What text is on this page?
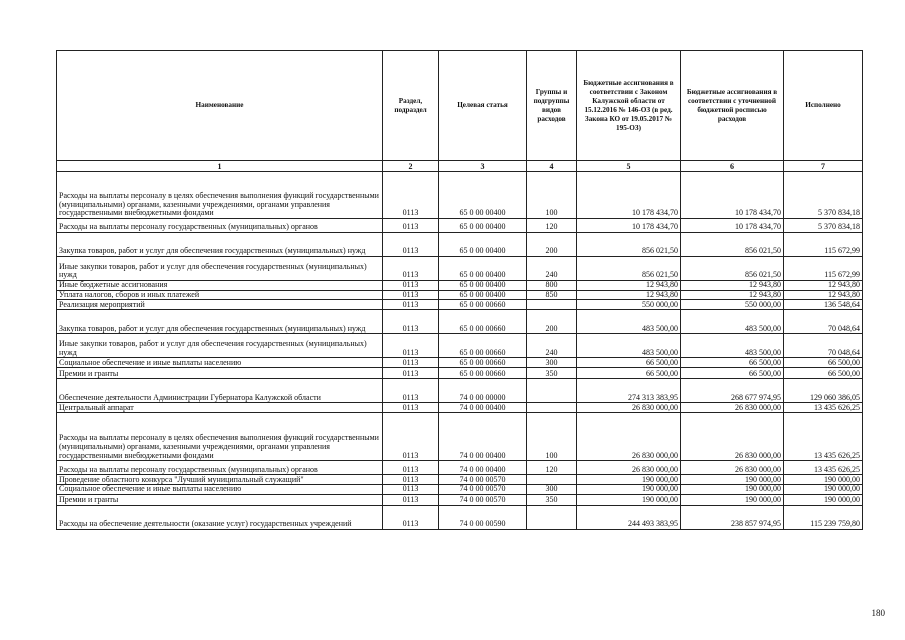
Наименование	Раздел, подраздел	Целевая статья	Группы и подгруппы видов расходов	Бюджетные ассигнования в соответствии с Законом Калужской области от 15.12.2016 № 146-ОЗ (в ред. Закона КО от 19.05.2017 № 195-ОЗ)	Бюджетные ассигнования в соответствии с уточненной бюджетной росписью расходов	Исполнено
1	2	3	4	5	6	7
Расходы на выплаты персоналу в целях обеспечения выполнения функций государственными (муниципальными) органами, казенными учреждениями, органами управления государственными внебюджетными фондами	0113	65 0 00 00400	100	10 178 434,70	10 178 434,70	5 370 834,18
Расходы на выплаты персоналу государственных (муниципальных) органов	0113	65 0 00 00400	120	10 178 434,70	10 178 434,70	5 370 834,18
Закупка товаров, работ и услуг для обеспечения государственных (муниципальных) нужд	0113	65 0 00 00400	200	856 021,50	856 021,50	115 672,99
Иные закупки товаров, работ и услуг для обеспечения государственных (муниципальных) нужд	0113	65 0 00 00400	240	856 021,50	856 021,50	115 672,99
Иные бюджетные ассигнования	0113	65 0 00 00400	800	12 943,80	12 943,80	12 943,80
Уплата налогов, сборов и иных платежей	0113	65 0 00 00400	850	12 943,80	12 943,80	12 943,80
Реализация мероприятий	0113	65 0 00 00660		550 000,00	550 000,00	136 548,64
Закупка товаров, работ и услуг для обеспечения государственных (муниципальных) нужд	0113	65 0 00 00660	200	483 500,00	483 500,00	70 048,64
Иные закупки товаров, работ и услуг для обеспечения государственных (муниципальных) нужд	0113	65 0 00 00660	240	483 500,00	483 500,00	70 048,64
Социальное обеспечение и иные выплаты населению	0113	65 0 00 00660	300	66 500,00	66 500,00	66 500,00
Премии и гранты	0113	65 0 00 00660	350	66 500,00	66 500,00	66 500,00
Обеспечение деятельности Администрации Губернатора Калужской области	0113	74 0 00 00000		274 313 383,95	268 677 974,95	129 060 386,05
Центральный аппарат	0113	74 0 00 00400		26 830 000,00	26 830 000,00	13 435 626,25
Расходы на выплаты персоналу в целях обеспечения выполнения функций государственными (муниципальными) органами, казенными учреждениями, органами управления государственными внебюджетными фондами	0113	74 0 00 00400	100	26 830 000,00	26 830 000,00	13 435 626,25
Расходы на выплаты персоналу государственных (муниципальных) органов	0113	74 0 00 00400	120	26 830 000,00	26 830 000,00	13 435 626,25
Проведение областного конкурса "Лучший муниципальный служащий"	0113	74 0 00 00570		190 000,00	190 000,00	190 000,00
Социальное обеспечение и иные выплаты населению	0113	74 0 00 00570	300	190 000,00	190 000,00	190 000,00
Премии и гранты	0113	74 0 00 00570	350	190 000,00	190 000,00	190 000,00
Расходы на обеспечение деятельности (оказание услуг) государственных учреждений	0113	74 0 00 00590		244 493 383,95	238 857 974,95	115 239 759,80
180
